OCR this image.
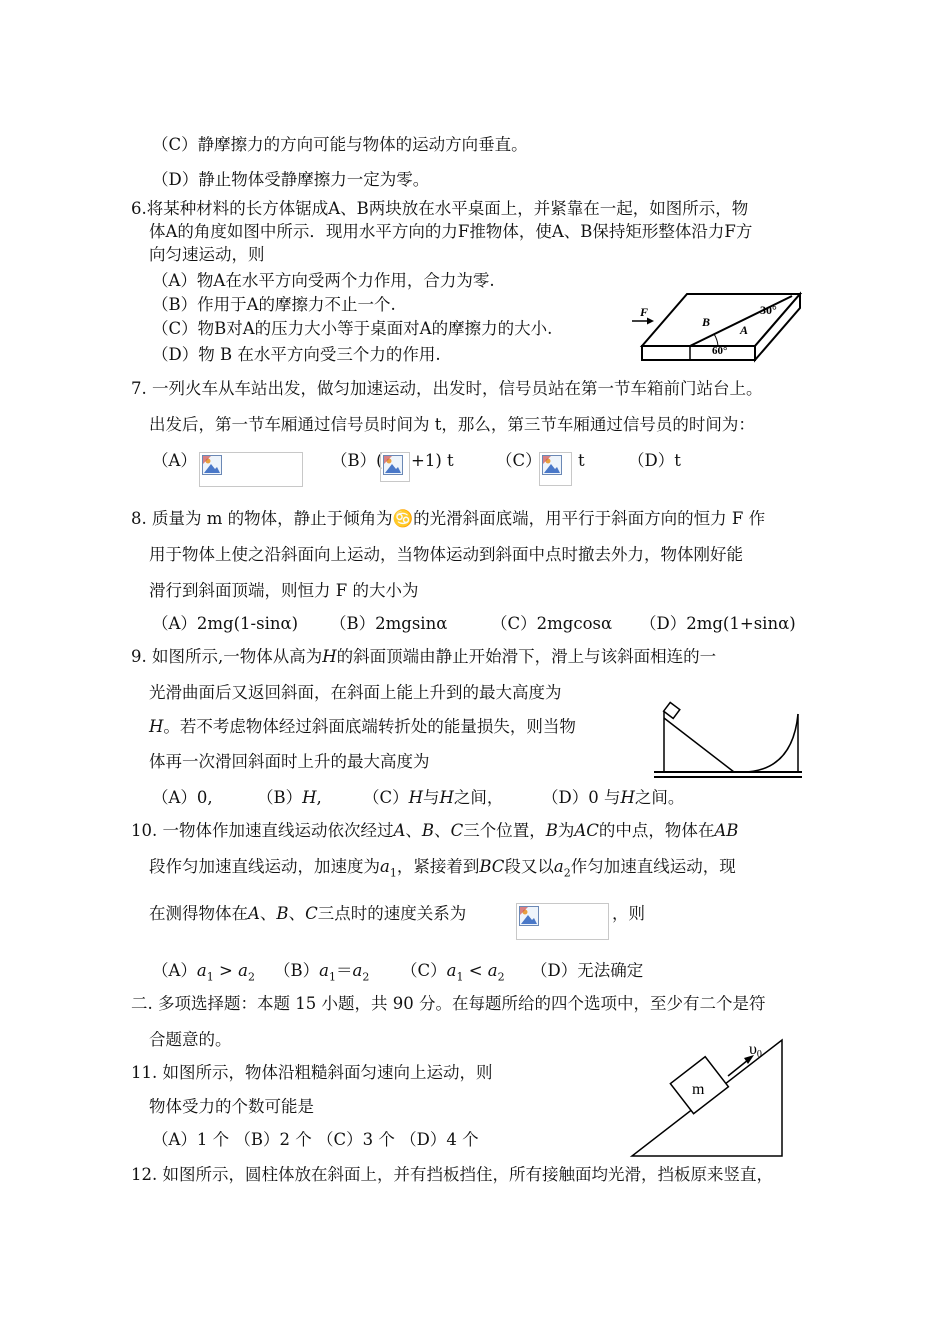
（C）静摩擦力的方向可能与物体的运动方向垂直。
（D）静止物体受静摩擦力一定为零。
6.将某种材料的长方体锯成A、B两块放在水平桌面上，并紧靠在一起，如图所示，物
体A的角度如图中所示．现用水平方向的力F推物体，使A、B保持矩形整体沿力F方
向匀速运动，则
（A）物A在水平方向受两个力作用，合力为零.
（B）作用于A的摩擦力不止一个.
（C）物B对A的压力大小等于桌面对A的摩擦力的大小.
（D）物 B 在水平方向受三个力的作用.
F
B
A
30°
60°
7. 一列火车从车站出发，做匀加速运动，出发时，信号员站在第一节车箱前门站台上。
出发后，第一节车厢通过信号员时间为 t，那么，第三节车厢通过信号员的时间为：
（A）	（B）( +1) t	（C） t	（D）t
8. 质量为 m 的物体，静止于倾角为♋的光滑斜面底端，用平行于斜面方向的恒力 F 作
用于物体上使之沿斜面向上运动，当物体运动到斜面中点时撤去外力，物体刚好能
滑行到斜面顶端，则恒力 F 的大小为
（A）2mg(1-sinα) （B）2mgsinα	（C）2mgcosα （D）2mg(1+sinα)
9. 如图所示,一物体从高为H的斜面顶端由静止开始滑下，滑上与该斜面相连的一
光滑曲面后又返回斜面，在斜面上能上升到的最大高度为
H。若不考虑物体经过斜面底端转折处的能量损失，则当物
体再一次滑回斜面时上升的最大高度为
（A）0,	（B）H, （C）H与H之间， （D）0 与H之间。
10. 一物体作加速直线运动依次经过A、B、C三个位置，B为AC的中点，物体在AB
段作匀加速直线运动，加速度为$a_1$，紧接着到BC段又以$a_2$作匀加速直线运动，现
在测得物体在A、B、C三点时的速度关系为	，则
$(A)a_1 > a_2$ $(B)a_1=a_2$ $(C)a_1 < a_2$ （D）无法确定
二. 多项选择题：本题 15 小题，共 90 分。在每题所给的四个选项中，至少有二个是符
合题意的。
11. 如图所示，物体沿粗糙斜面匀速向上运动，则
物体受力的个数可能是
（A）1 个 （B）2 个 （C）3 个 （D）4 个
m
υ0
12. 如图所示，圆柱体放在斜面上，并有挡板挡住，所有接触面均光滑，挡板原来竖直，
